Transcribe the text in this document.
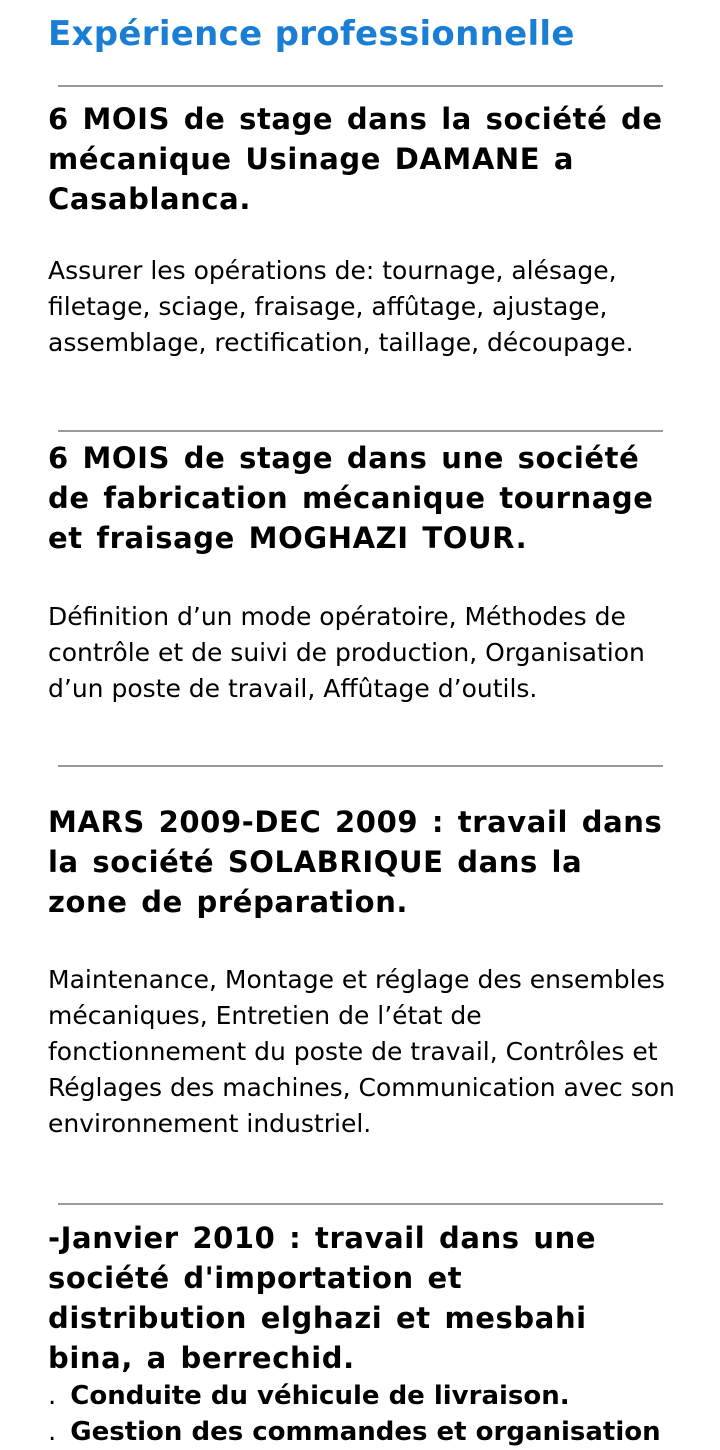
Expérience professionnelle
6 MOIS de stage dans la société de mécanique Usinage DAMANE a Casablanca.

Assurer les opérations de: tournage, alésage, filetage, sciage, fraisage, affûtage, ajustage, assemblage, rectification, taillage, découpage.

6 MOIS de stage dans une société de fabrication mécanique tournage et fraisage MOGHAZI TOUR.

Définition d’un mode opératoire, Méthodes de contrôle et de suivi de production, Organisation d’un poste de travail, Affûtage d’outils.

MARS 2009-DEC 2009 : travail dans la société SOLABRIQUE dans la zone de préparation.

Maintenance, Montage et réglage des ensembles mécaniques, Entretien de l’état de fonctionnement du poste de travail, Contrôles et Réglages des machines, Communication avec son environnement industriel.

-Janvier 2010 : travail dans une société d'importation et distribution elghazi et mesbahi bina, a berrechid.
. Conduite du véhicule de livraison.
. Gestion des commandes et organisation
